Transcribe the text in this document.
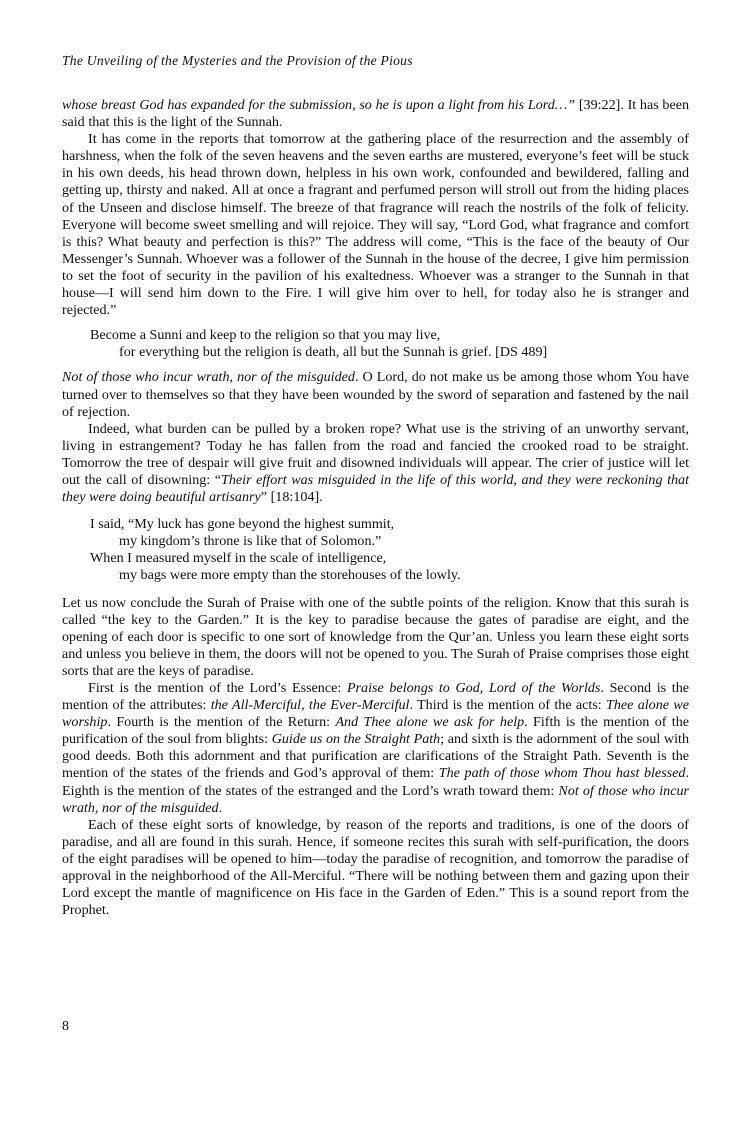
The Unveiling of the Mysteries and the Provision of the Pious

whose breast God has expanded for the submission, so he is upon a light from his Lord…” [39:22]. It has been said that this is the light of the Sunnah.

It has come in the reports that tomorrow at the gathering place of the resurrection and the assembly of harshness, when the folk of the seven heavens and the seven earths are mustered, everyone’s feet will be stuck in his own deeds, his head thrown down, helpless in his own work, confounded and bewildered, falling and getting up, thirsty and naked. All at once a fragrant and perfumed person will stroll out from the hiding places of the Unseen and disclose himself. The breeze of that fragrance will reach the nostrils of the folk of felicity. Everyone will become sweet smelling and will rejoice. They will say, “Lord God, what fragrance and comfort is this? What beauty and perfection is this?” The address will come, “This is the face of the beauty of Our Messenger’s Sunnah. Whoever was a follower of the Sunnah in the house of the decree, I give him permission to set the foot of security in the pavilion of his exaltedness. Whoever was a stranger to the Sunnah in that house—I will send him down to the Fire. I will give him over to hell, for today also he is stranger and rejected.”

Become a Sunni and keep to the religion so that you may live,
for everything but the religion is death, all but the Sunnah is grief. [DS 489]

Not of those who incur wrath, nor of the misguided. O Lord, do not make us be among those whom You have turned over to themselves so that they have been wounded by the sword of separation and fastened by the nail of rejection.

Indeed, what burden can be pulled by a broken rope? What use is the striving of an unworthy servant, living in estrangement? Today he has fallen from the road and fancied the crooked road to be straight. Tomorrow the tree of despair will give fruit and disowned individuals will appear. The crier of justice will let out the call of disowning: “Their effort was misguided in the life of this world, and they were reckoning that they were doing beautiful artisanry” [18:104].

I said, “My luck has gone beyond the highest summit,
my kingdom’s throne is like that of Solomon.”
When I measured myself in the scale of intelligence,
my bags were more empty than the storehouses of the lowly.

Let us now conclude the Surah of Praise with one of the subtle points of the religion. Know that this surah is called “the key to the Garden.” It is the key to paradise because the gates of paradise are eight, and the opening of each door is specific to one sort of knowledge from the Qur’an. Unless you learn these eight sorts and unless you believe in them, the doors will not be opened to you. The Surah of Praise comprises those eight sorts that are the keys of paradise.

First is the mention of the Lord’s Essence: Praise belongs to God, Lord of the Worlds. Second is the mention of the attributes: the All-Merciful, the Ever-Merciful. Third is the mention of the acts: Thee alone we worship. Fourth is the mention of the Return: And Thee alone we ask for help. Fifth is the mention of the purification of the soul from blights: Guide us on the Straight Path; and sixth is the adornment of the soul with good deeds. Both this adornment and that purification are clarifications of the Straight Path. Seventh is the mention of the states of the friends and God’s approval of them: The path of those whom Thou hast blessed. Eighth is the mention of the states of the estranged and the Lord’s wrath toward them: Not of those who incur wrath, nor of the misguided.

Each of these eight sorts of knowledge, by reason of the reports and traditions, is one of the doors of paradise, and all are found in this surah. Hence, if someone recites this surah with self-purification, the doors of the eight paradises will be opened to him—today the paradise of recognition, and tomorrow the paradise of approval in the neighborhood of the All-Merciful. “There will be nothing between them and gazing upon their Lord except the mantle of magnificence on His face in the Garden of Eden.” This is a sound report from the Prophet.

8
